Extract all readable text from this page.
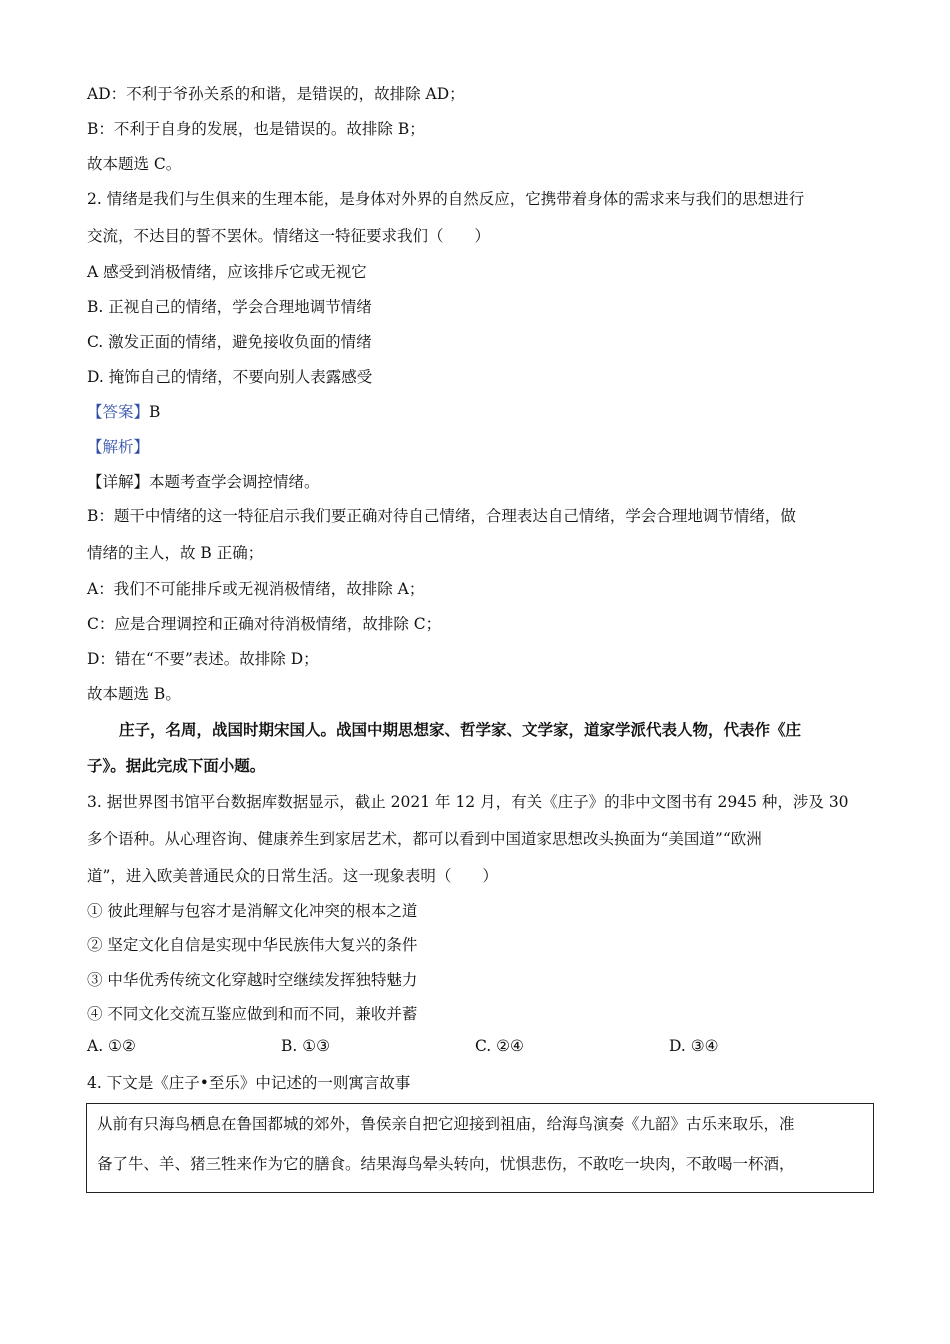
AD：不利于爷孙关系的和谐，是错误的，故排除 AD；
B：不利于自身的发展，也是错误的。故排除 B；
故本题选 C。
2. 情绪是我们与生俱来的生理本能，是身体对外界的自然反应，它携带着身体的需求来与我们的思想进行
交流，不达目的誓不罢休。情绪这一特征要求我们（　　）
A 感受到消极情绪，应该排斥它或无视它
B. 正视自己的情绪，学会合理地调节情绪
C. 激发正面的情绪，避免接收负面的情绪
D. 掩饰自己的情绪，不要向别人表露感受
【答案】B
【解析】
【详解】本题考查学会调控情绪。
B：题干中情绪的这一特征启示我们要正确对待自己情绪，合理表达自己情绪，学会合理地调节情绪，做
情绪的主人，故 B 正确；
A：我们不可能排斥或无视消极情绪，故排除 A；
C：应是合理调控和正确对待消极情绪，故排除 C；
D：错在“不要”表述。故排除 D；
故本题选 B。
庄子，名周，战国时期宋国人。战国中期思想家、哲学家、文学家，道家学派代表人物，代表作《庄
子》。据此完成下面小题。
3. 据世界图书馆平台数据库数据显示，截止 2021 年 12 月，有关《庄子》的非中文图书有 2945 种，涉及 30
多个语种。从心理咨询、健康养生到家居艺术，都可以看到中国道家思想改头换面为“美国道”“欧洲
道”，进入欧美普通民众的日常生活。这一现象表明（　　）
① 彼此理解与包容才是消解文化冲突的根本之道
② 坚定文化自信是实现中华民族伟大复兴的条件
③ 中华优秀传统文化穿越时空继续发挥独特魅力
④ 不同文化交流互鉴应做到和而不同，兼收并蓄
A. ①②	B. ①③	C. ②④	D. ③④
4. 下文是《庄子•至乐》中记述的一则寓言故事
从前有只海鸟栖息在鲁国都城的郊外，鲁侯亲自把它迎接到祖庙，给海鸟演奏《九韶》古乐来取乐，准
备了牛、羊、猪三牲来作为它的膳食。结果海鸟晕头转向，忧惧悲伤，不敢吃一块肉，不敢喝一杯酒，
